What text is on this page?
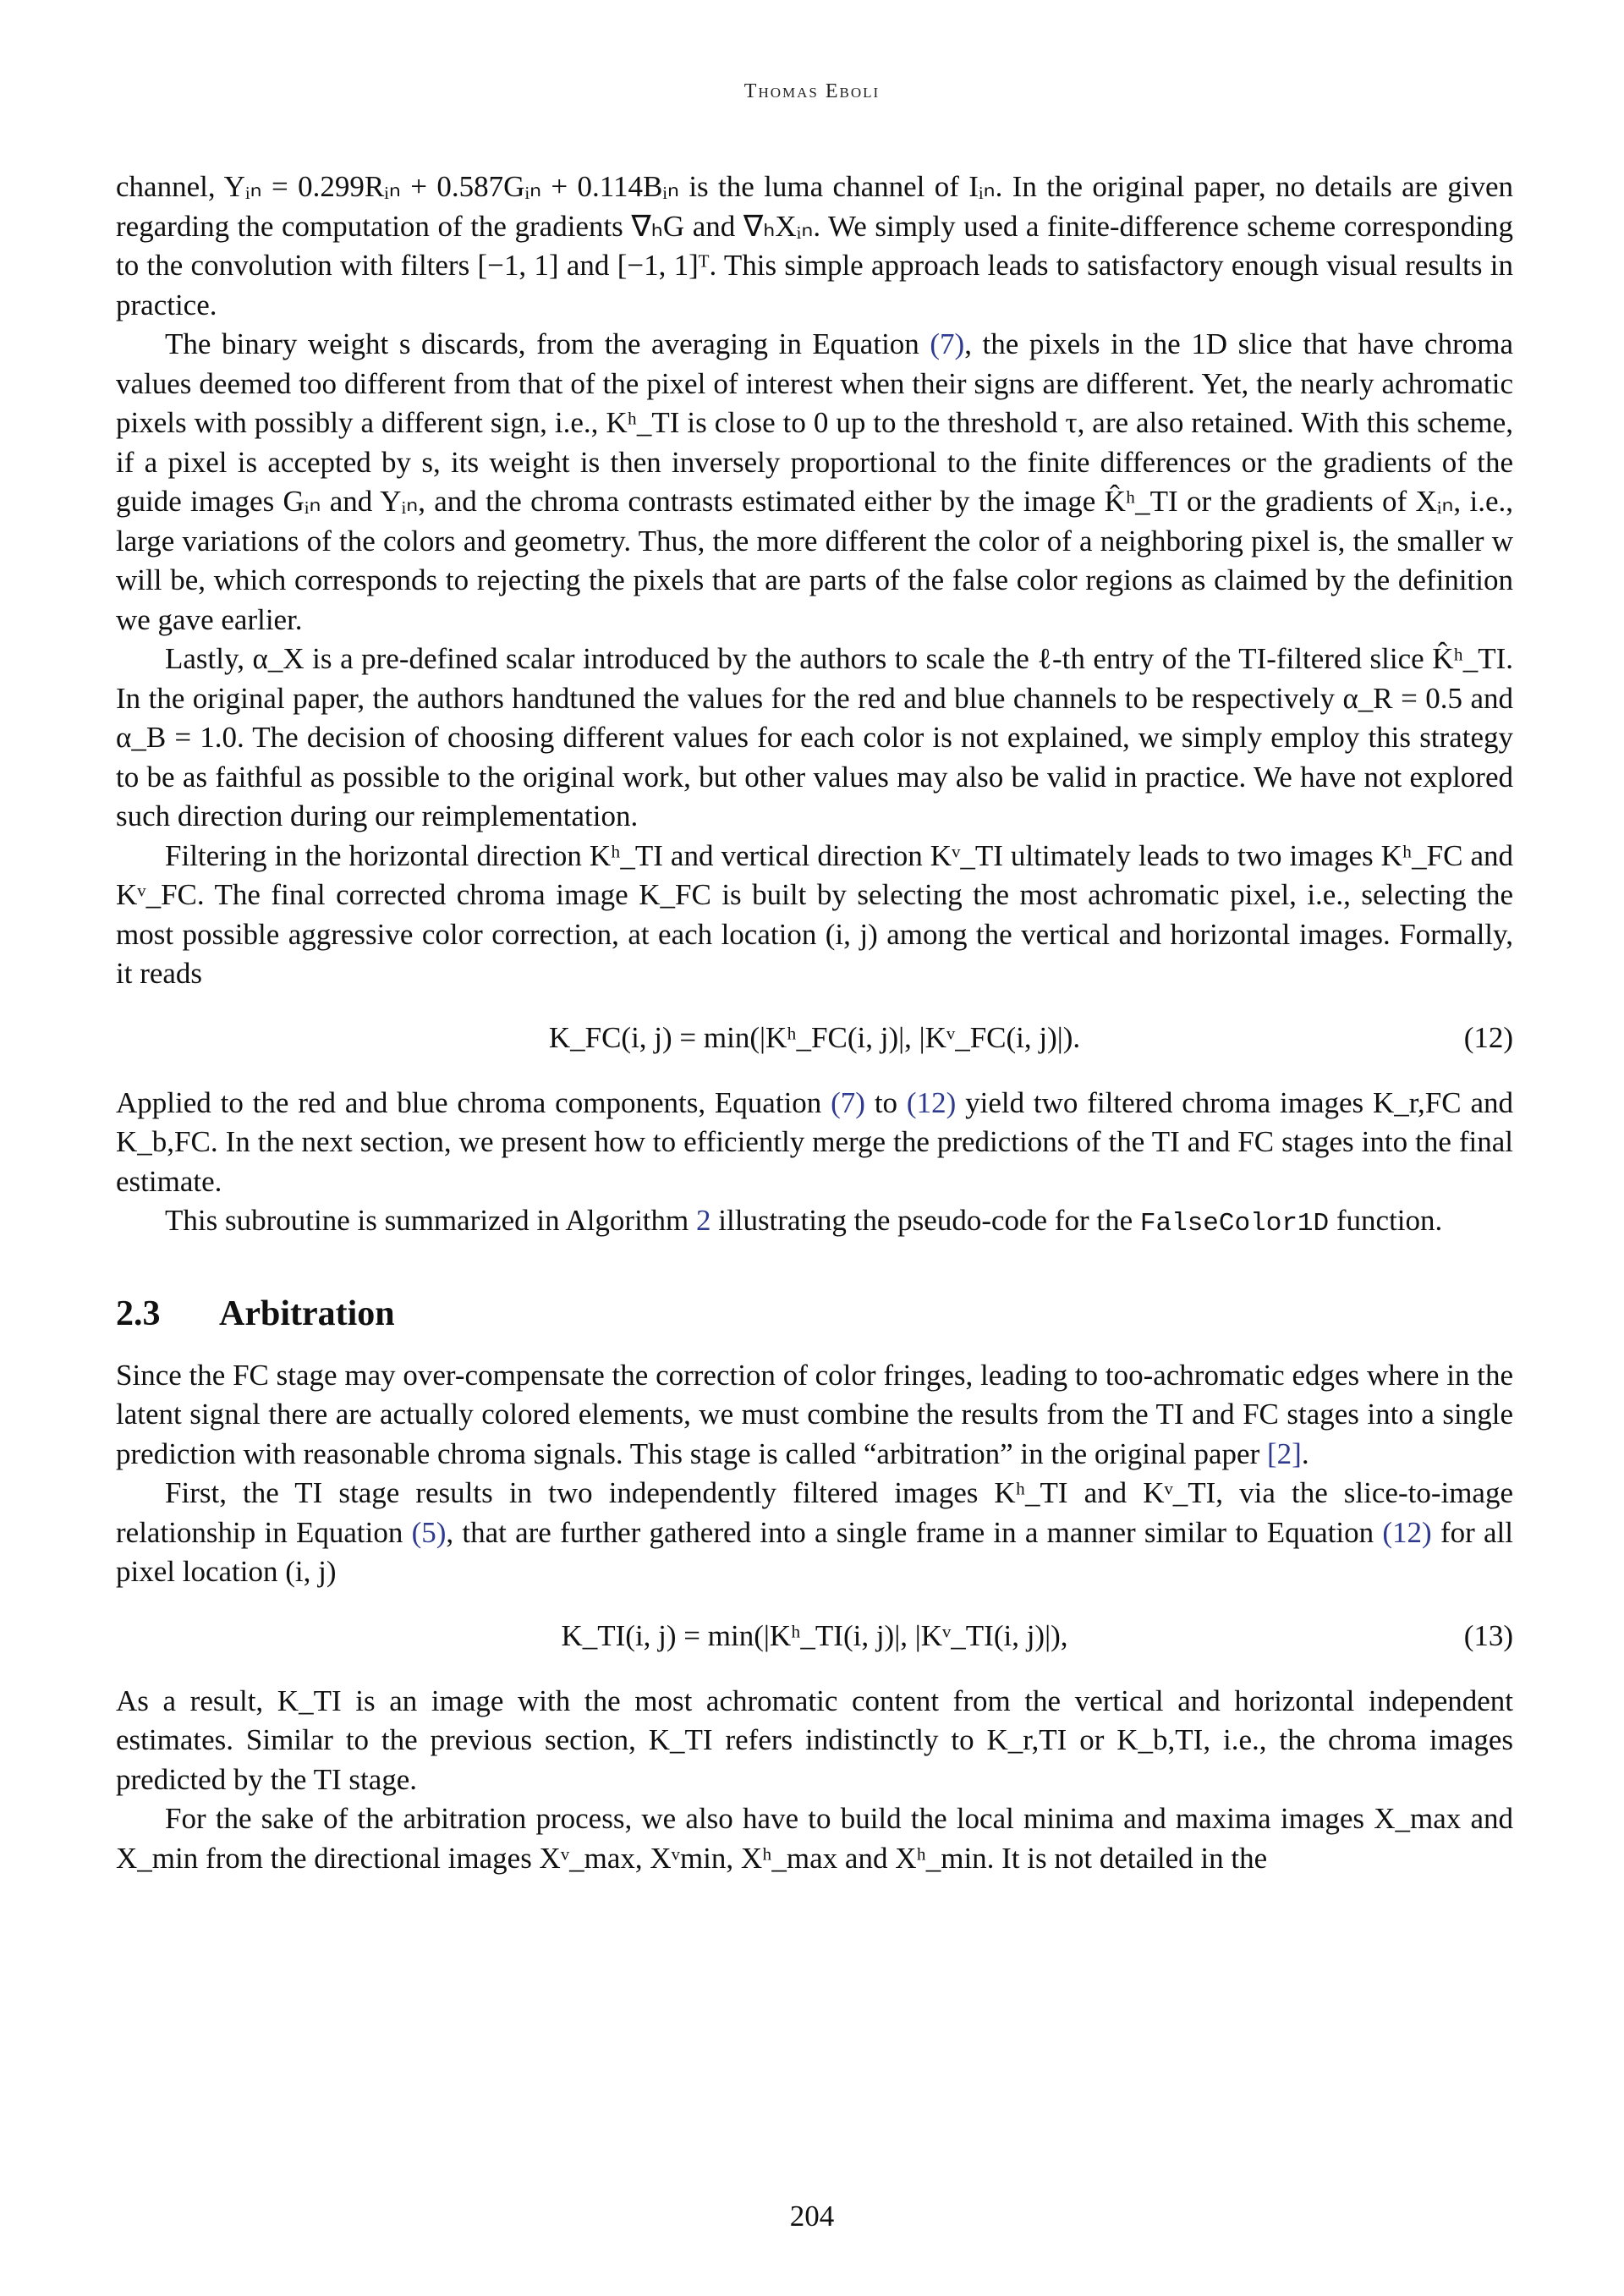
Thomas Eboli

channel, Yᵢₙ = 0.299Rᵢₙ + 0.587Gᵢₙ + 0.114Bᵢₙ is the luma channel of Iᵢₙ. In the original paper, no details are given regarding the computation of the gradients ∇ₕG and ∇ₕXᵢₙ. We simply used a finite-difference scheme corresponding to the convolution with filters [−1, 1] and [−1, 1]ᵀ. This simple approach leads to satisfactory enough visual results in practice.

The binary weight s discards, from the averaging in Equation (7), the pixels in the 1D slice that have chroma values deemed too different from that of the pixel of interest when their signs are different. Yet, the nearly achromatic pixels with possibly a different sign, i.e., Kʰ_TI is close to 0 up to the threshold τ, are also retained. With this scheme, if a pixel is accepted by s, its weight is then inversely proportional to the finite differences or the gradients of the guide images Gᵢₙ and Yᵢₙ, and the chroma contrasts estimated either by the image K̂ʰ_TI or the gradients of Xᵢₙ, i.e., large variations of the colors and geometry. Thus, the more different the color of a neighboring pixel is, the smaller w will be, which corresponds to rejecting the pixels that are parts of the false color regions as claimed by the definition we gave earlier.

Lastly, α_X is a pre-defined scalar introduced by the authors to scale the ℓ-th entry of the TI-filtered slice K̂ʰ_TI. In the original paper, the authors handtuned the values for the red and blue channels to be respectively α_R = 0.5 and α_B = 1.0. The decision of choosing different values for each color is not explained, we simply employ this strategy to be as faithful as possible to the original work, but other values may also be valid in practice. We have not explored such direction during our reimplementation.

Filtering in the horizontal direction Kʰ_TI and vertical direction Kᵛ_TI ultimately leads to two images Kʰ_FC and Kᵛ_FC. The final corrected chroma image K_FC is built by selecting the most achromatic pixel, i.e., selecting the most possible aggressive color correction, at each location (i, j) among the vertical and horizontal images. Formally, it reads

K_FC(i, j) = min(|Kʰ_FC(i, j)|, |Kᵛ_FC(i, j)|).	(12)

Applied to the red and blue chroma components, Equation (7) to (12) yield two filtered chroma images K_r,FC and K_b,FC. In the next section, we present how to efficiently merge the predictions of the TI and FC stages into the final estimate.

This subroutine is summarized in Algorithm 2 illustrating the pseudo-code for the FalseColor1D function.

2.3 Arbitration

Since the FC stage may over-compensate the correction of color fringes, leading to too-achromatic edges where in the latent signal there are actually colored elements, we must combine the results from the TI and FC stages into a single prediction with reasonable chroma signals. This stage is called “arbitration” in the original paper [2].

First, the TI stage results in two independently filtered images Kʰ_TI and Kᵛ_TI, via the slice-to-image relationship in Equation (5), that are further gathered into a single frame in a manner similar to Equation (12) for all pixel location (i, j)

K_TI(i, j) = min(|Kʰ_TI(i, j)|, |Kᵛ_TI(i, j)|),	(13)

As a result, K_TI is an image with the most achromatic content from the vertical and horizontal independent estimates. Similar to the previous section, K_TI refers indistinctly to K_r,TI or K_b,TI, i.e., the chroma images predicted by the TI stage.

For the sake of the arbitration process, we also have to build the local minima and maxima images X_max and X_min from the directional images Xᵛ_max, Xᵛmin, Xʰ_max and Xʰ_min. It is not detailed in the

204
